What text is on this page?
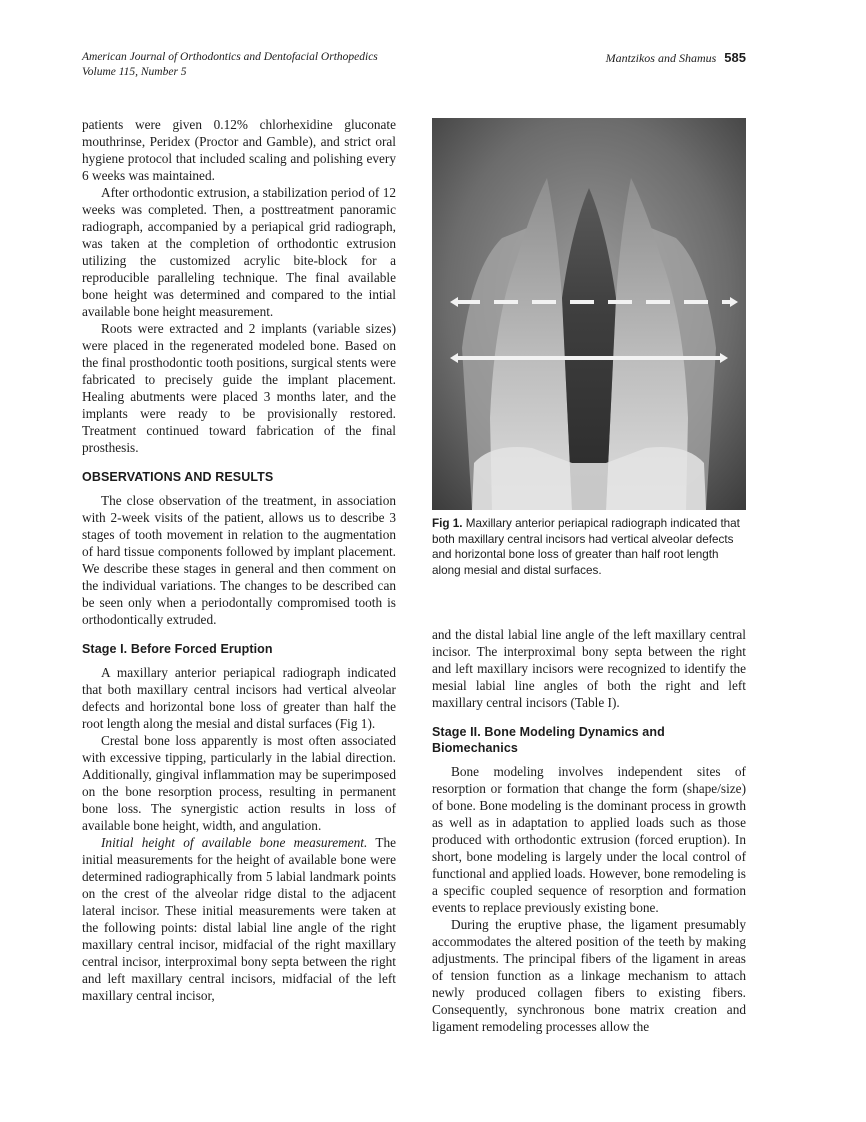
American Journal of Orthodontics and Dentofacial Orthopedics
Volume 115, Number 5
Mantzikos and Shamus 585

patients were given 0.12% chlorhexidine gluconate mouthrinse, Peridex (Proctor and Gamble), and strict oral hygiene protocol that included scaling and polishing every 6 weeks was maintained.

After orthodontic extrusion, a stabilization period of 12 weeks was completed. Then, a posttreatment panoramic radiograph, accompanied by a periapical grid radiograph, was taken at the completion of orthodontic extrusion utilizing the customized acrylic bite-block for a reproducible paralleling technique. The final available bone height was determined and compared to the intial available bone height measurement.

Roots were extracted and 2 implants (variable sizes) were placed in the regenerated modeled bone. Based on the final prosthodontic tooth positions, surgical stents were fabricated to precisely guide the implant placement. Healing abutments were placed 3 months later, and the implants were ready to be provisionally restored. Treatment continued toward fabrication of the final prosthesis.

OBSERVATIONS AND RESULTS

The close observation of the treatment, in association with 2-week visits of the patient, allows us to describe 3 stages of tooth movement in relation to the augmentation of hard tissue components followed by implant placement. We describe these stages in general and then comment on the individual variations. The changes to be described can be seen only when a periodontally compromised tooth is orthodontically extruded.

Stage I. Before Forced Eruption

A maxillary anterior periapical radiograph indicated that both maxillary central incisors had vertical alveolar defects and horizontal bone loss of greater than half the root length along the mesial and distal surfaces (Fig 1).

Crestal bone loss apparently is most often associated with excessive tipping, particularly in the labial direction. Additionally, gingival inflammation may be superimposed on the bone resorption process, resulting in permanent bone loss. The synergistic action results in loss of available bone height, width, and angulation.

Initial height of available bone measurement. The initial measurements for the height of available bone were determined radiographically from 5 labial landmark points on the crest of the alveolar ridge distal to the adjacent lateral incisor. These initial measurements were taken at the following points: distal labial line angle of the right maxillary central incisor, midfacial of the right maxillary central incisor, interproximal bony septa between the right and left maxillary central incisors, midfacial of the left maxillary central incisor,

Fig 1. Maxillary anterior periapical radiograph indicated that both maxillary central incisors had vertical alveolar defects and horizontal bone loss of greater than half root length along mesial and distal surfaces.

and the distal labial line angle of the left maxillary central incisor. The interproximal bony septa between the right and left maxillary incisors were recognized to identify the mesial labial line angles of both the right and left maxillary central incisors (Table I).

Stage II. Bone Modeling Dynamics and Biomechanics

Bone modeling involves independent sites of resorption or formation that change the form (shape/size) of bone. Bone modeling is the dominant process in growth as well as in adaptation to applied loads such as those produced with orthodontic extrusion (forced eruption). In short, bone modeling is largely under the local control of functional and applied loads. However, bone remodeling is a specific coupled sequence of resorption and formation events to replace previously existing bone.

During the eruptive phase, the ligament presumably accommodates the altered position of the teeth by making adjustments. The principal fibers of the ligament in areas of tension function as a linkage mechanism to attach newly produced collagen fibers to existing fibers. Consequently, synchronous bone matrix creation and ligament remodeling processes allow the
